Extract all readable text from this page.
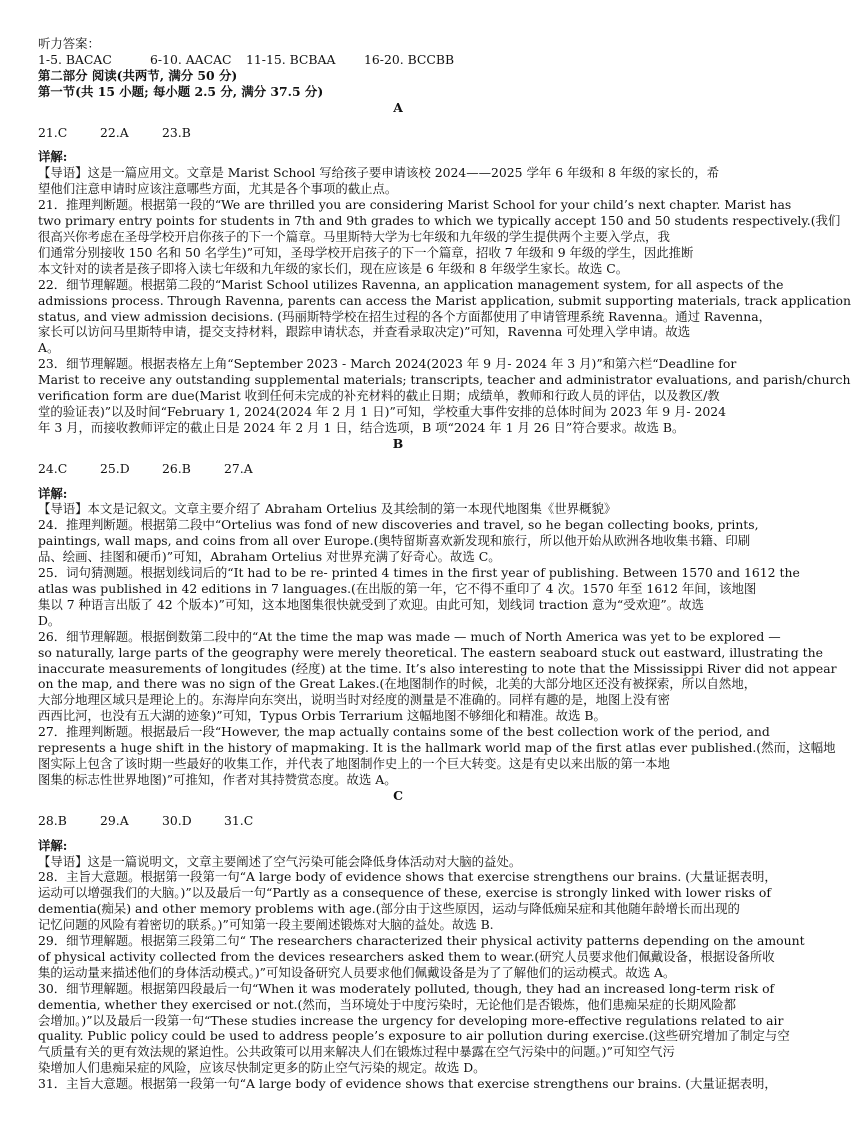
听力答案：
1-5. BACAC	6-10. AACAC 11-15. BCBAA 16-20. BCCBB
第二部分 阅读(共两节, 满分 50 分)
第一节(共 15 小题; 每小题 2.5 分, 满分 37.5 分)
A
21.C	22.A	23.B
详解:
【导语】这是一篇应用文。文章是 Marist School 写给孩子要申请该校 2024——2025 学年 6 年级和 8 年级的家长的，希
望他们注意申请时应该注意哪些方面，尤其是各个事项的截止点。
21．推理判断题。根据第一段的“We are thrilled you are considering Marist School for your child’s next chapter. Marist has
two primary entry points for students in 7th and 9th grades to which we typically accept 150 and 50 students respectively.(我们
很高兴你考虑在圣母学校开启你孩子的下一个篇章。马里斯特大学为七年级和九年级的学生提供两个主要入学点，我
们通常分别接收 150 名和 50 名学生)”可知，圣母学校开启孩子的下一个篇章，招收 7 年级和 9 年级的学生，因此推断
本文针对的读者是孩子即将入读七年级和九年级的家长们，现在应该是 6 年级和 8 年级学生家长。故选 C。
22．细节理解题。根据第二段的“Marist School utilizes Ravenna, an application management system, for all aspects of the
admissions process. Through Ravenna, parents can access the Marist application, submit supporting materials, track application
status, and view admission decisions. (玛丽斯特学校在招生过程的各个方面都使用了申请管理系统 Ravenna。通过 Ravenna，
家长可以访问马里斯特申请，提交支持材料，跟踪申请状态，并查看录取决定)”可知，Ravenna 可处理入学申请。故选
A。
23．细节理解题。根据表格左上角“September 2023 - March 2024(2023 年 9 月- 2024 年 3 月)”和第六栏“Deadline for
Marist to receive any outstanding supplemental materials; transcripts, teacher and administrator evaluations, and parish/church
verification form are due(Marist 收到任何未完成的补充材料的截止日期；成绩单，教师和行政人员的评估，以及教区/教
堂的验证表)”以及时间“February 1, 2024(2024 年 2 月 1 日)”可知，学校重大事件安排的总体时间为 2023 年 9 月- 2024
年 3 月，而接收教师评定的截止日是 2024 年 2 月 1 日，结合选项，B 项“2024 年 1 月 26 日”符合要求。故选 B。
B
24.C	25.D	26.B	27.A
详解:
【导语】本文是记叙文。文章主要介绍了 Abraham Ortelius 及其绘制的第一本现代地图集《世界概貌》
24．推理判断题。根据第二段中“Ortelius was fond of new discoveries and travel, so he began collecting books, prints,
paintings, wall maps, and coins from all over Europe.(奥特留斯喜欢新发现和旅行，所以他开始从欧洲各地收集书籍、印刷
品、绘画、挂图和硬币)”可知，Abraham Ortelius 对世界充满了好奇心。故选 C。
25．词句猜测题。根据划线词后的“It had to be re- printed 4 times in the first year of publishing. Between 1570 and 1612 the
atlas was published in 42 editions in 7 languages.(在出版的第一年，它不得不重印了 4 次。1570 年至 1612 年间，该地图
集以 7 种语言出版了 42 个版本)”可知，这本地图集很快就受到了欢迎。由此可知，划线词 traction 意为“受欢迎”。故选
D。
26．细节理解题。根据倒数第二段中的“At the time the map was made — much of North America was yet to be explored —
so naturally, large parts of the geography were merely theoretical. The eastern seaboard stuck out eastward, illustrating the
inaccurate measurements of longitudes (经度) at the time. It’s also interesting to note that the Mississippi River did not appear
on the map, and there was no sign of the Great Lakes.(在地图制作的时候，北美的大部分地区还没有被探索，所以自然地，
大部分地理区域只是理论上的。东海岸向东突出，说明当时对经度的测量是不准确的。同样有趣的是，地图上没有密
西西比河，也没有五大湖的迹象)”可知，Typus Orbis Terrarium 这幅地图不够细化和精准。故选 B。
27．推理判断题。根据最后一段“However, the map actually contains some of the best collection work of the period, and
represents a huge shift in the history of mapmaking. It is the hallmark world map of the first atlas ever published.(然而，这幅地
图实际上包含了该时期一些最好的收集工作，并代表了地图制作史上的一个巨大转变。这是有史以来出版的第一本地
图集的标志性世界地图)”可推知，作者对其持赞赏态度。故选 A。
C
28.B	29.A	30.D	31.C
详解:
【导语】这是一篇说明文，文章主要阐述了空气污染可能会降低身体活动对大脑的益处。
28．主旨大意题。根据第一段第一句“A large body of evidence shows that exercise strengthens our brains. (大量证据表明，
运动可以增强我们的大脑。)”以及最后一句“Partly as a consequence of these, exercise is strongly linked with lower risks of
dementia(痴呆) and other memory problems with age.(部分由于这些原因，运动与降低痴呆症和其他随年龄增长而出现的
记忆问题的风险有着密切的联系。)”可知第一段主要阐述锻炼对大脑的益处。故选 B.
29．细节理解题。根据第三段第二句“ The researchers characterized their physical activity patterns depending on the amount
of physical activity collected from the devices researchers asked them to wear.(研究人员要求他们佩戴设备，根据设备所收
集的运动量来描述他们的身体活动模式。)”可知设备研究人员要求他们佩戴设备是为了了解他们的运动模式。故选 A。
30．细节理解题。根据第四段最后一句“When it was moderately polluted, though, they had an increased long-term risk of
dementia, whether they exercised or not.(然而，当环境处于中度污染时，无论他们是否锻炼，他们患痴呆症的长期风险都
会增加。)”以及最后一段第一句“These studies increase the urgency for developing more-effective regulations related to air
quality. Public policy could be used to address people’s exposure to air pollution during exercise.(这些研究增加了制定与空
气质量有关的更有效法规的紧迫性。公共政策可以用来解决人们在锻炼过程中暴露在空气污染中的问题。)”可知空气污
染增加人们患痴呆症的风险，应该尽快制定更多的防止空气污染的规定。故选 D。
31．主旨大意题。根据第一段第一句“A large body of evidence shows that exercise strengthens our brains. (大量证据表明，
